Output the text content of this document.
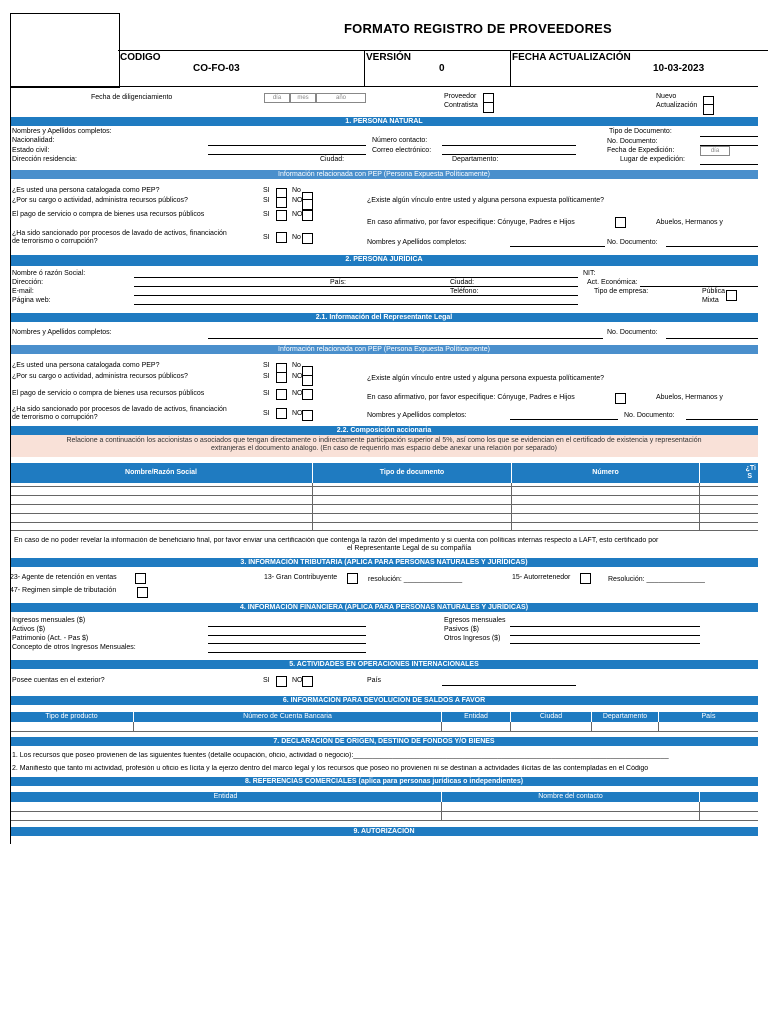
FORMATO REGISTRO DE PROVEEDORES
CODIGO
CO-FO-03
VERSIÓN
0
FECHA ACTUALIZACIÓN
10-03-2023
Fecha de diligenciamiento	día	mes	año	Proveedor
Contratista
Nuevo
Actualización
1. PERSONA NATURAL
Nombres y Apellidos completos:
Nacionalidad:
Estado civil:
Dirección residencia:
Número contacto:
Correo electrónico:
Ciudad:	Departamento:
Tipo de Documento:
No. Documento:
Fecha de Expedición:	día
Lugar de expedición:
Información relacionada con PEP (Persona Expuesta Políticamente)
¿Es usted una persona catalogada como PEP?	SI	No
¿Por su cargo o actividad, administra recursos públicos?	SI	NO
El pago de servicio o compra de bienes usa recursos públicos	SI	NO
¿Ha sido sancionado por procesos de lavado de activos, financiación
de terrorismo o corrupción?
SI	No
¿Existe algún vínculo entre usted y alguna persona expuesta políticamente?
En caso afirmativo, por favor especifique: Cónyuge, Padres e Hijos	Abuelos, Hermanos y
Nombres y Apellidos completos:	No. Documento:
2. PERSONA JURÍDICA
Nombre ó razón Social:
Dirección:
E-mail:
Página web:
País:	Ciudad:
Teléfono:
NIT:
Act. Económica:
Tipo de empresa:	Pública
Mixta
2.1. Información del Representante Legal
Nombres y Apellidos completos:	No. Documento:
Información relacionada con PEP (Persona Expuesta Políticamente)
¿Es usted una persona catalogada como PEP?	SI	No
¿Por su cargo o actividad, administra recursos públicos?	SI	NO
El pago de servicio o compra de bienes usa recursos públicos	SI	NO
¿Ha sido sancionado por procesos de lavado de activos, financiación
de terrorismo o corrupción?
SI	NO
¿Existe algún vínculo entre usted y alguna persona expuesta políticamente?
En caso afirmativo, por favor especifique: Cónyuge, Padres e Hijos	Abuelos, Hermanos y
Nombres y Apellidos completos:	No. Documento:
2.2. Composición accionaria
Relacione a continuación los accionistas o asociados que tengan directamente o indirectamente participación superior al 5%, así como los que se evidencian en el certificado de existencia y representación
extranjeras el documento análogo. (En caso de requerirlo mas espacio debe anexar una relación por separado)
Nombre/Razón Social	Tipo de documento	Número
¿Ti
S
En caso de no poder revelar la información de beneficiario final, por favor enviar una certificación que contenga la razón del impedimento y si cuenta con políticas internas respecto a LAFT, esto certificado por
el Representante Legal de su compañía
3. INFORMACIÓN TRIBUTARIA (APLICA PARA PERSONAS NATURALES Y JURÍDICAS)
23- Agente de retención en ventas	13- Gran Contribuyente	resolución: _______________	15- Autorretenedor	Resolución: _______________
47- Regimen simple de tributación
4. INFORMACIÓN FINANCIERA (APLICA PARA PERSONAS NATURALES Y JURÍDICAS)
Ingresos mensuales ($)
Activos ($)
Patrimonio (Act. - Pas $)
Concepto de otros Ingresos Mensuales:
Egresos mensuales
Pasivos ($)
Otros Ingresos ($)
5. ACTIVIDADES EN OPERACIONES INTERNACIONALES
Posee cuentas en el exterior?	SI	NO	País
6. INFORMACIÓN PARA DEVOLUCIÓN DE SALDOS A FAVOR
Tipo de producto	Número de Cuenta Bancaria	Entidad	Ciudad	Departamento	País
7. DECLARACIÓN DE ORIGEN, DESTINO DE FONDOS Y/O BIENES
1. Los recursos que poseo provienen de las siguientes fuentes (detalle ocupación, oficio, actividad o negocio):_________________________________________________________________________________
2. Manifiesto que tanto mi actividad, profesión u oficio es lícita y la ejerzo dentro del marco legal y los recursos que poseo no provienen ni se destinan a actividades ilícitas de las contempladas en el Código
8. REFERENCIAS COMERCIALES (aplica para personas jurídicas o independientes)
Entidad	Nombre del contacto
9. AUTORIZACIÓN
